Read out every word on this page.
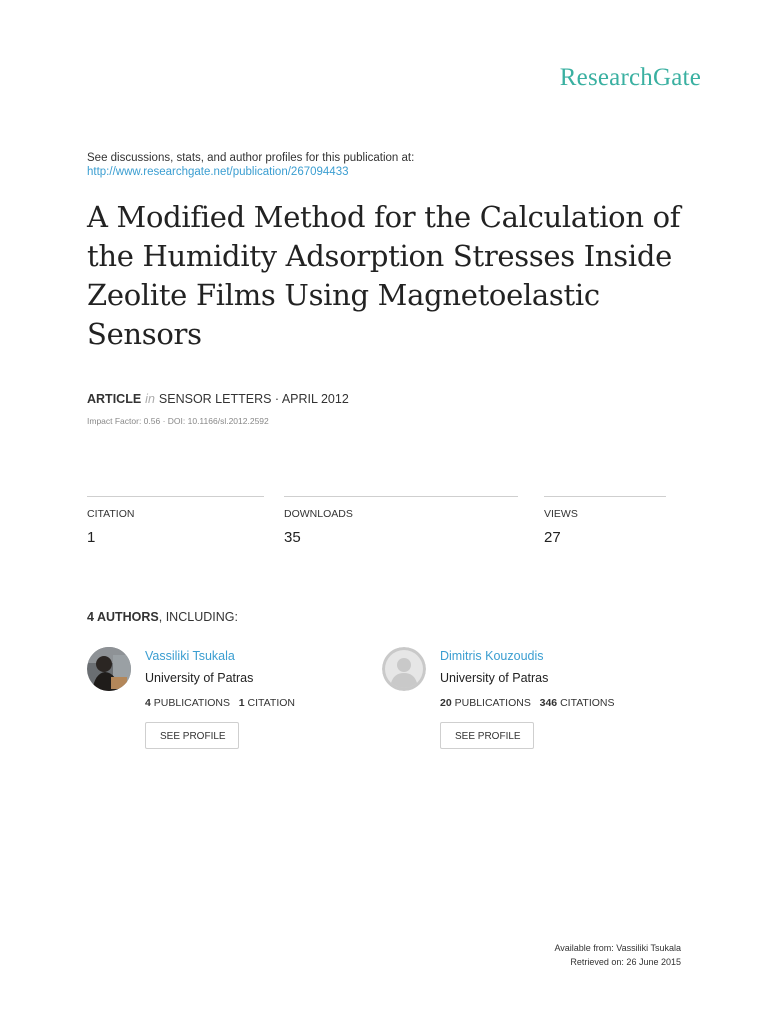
ResearchGate
See discussions, stats, and author profiles for this publication at:
http://www.researchgate.net/publication/267094433
A Modified Method for the Calculation of the Humidity Adsorption Stresses Inside Zeolite Films Using Magnetoelastic Sensors
ARTICLE in SENSOR LETTERS · APRIL 2012
Impact Factor: 0.56 · DOI: 10.1166/sl.2012.2592
CITATION
1
DOWNLOADS
35
VIEWS
27
4 AUTHORS, INCLUDING:
Vassiliki Tsukala
University of Patras
4 PUBLICATIONS 1 CITATION
SEE PROFILE
Dimitris Kouzoudis
University of Patras
20 PUBLICATIONS 346 CITATIONS
SEE PROFILE
Available from: Vassiliki Tsukala
Retrieved on: 26 June 2015
